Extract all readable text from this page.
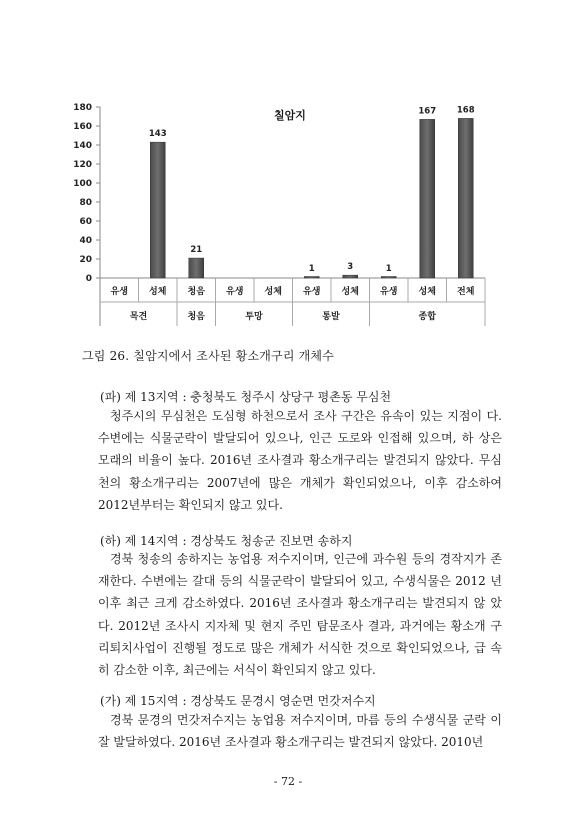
0
20
40
60
80
100
120
140
160
180
목견	청음	투망	통발	종합
유생 성체
143
청음
21
유생 성체 유생
1
성체
3
유생
1
성체
167
전체
168
칠암지
그림 26. 칠암지에서 조사된 황소개구리 개체수
(파) 제 13지역 : 충청북도 청주시 상당구 평촌동 무심천
청주시의 무심천은 도심형 하천으로서 조사 구간은 유속이 있는 지점이 다. 수변에는 식물군락이 발달되어 있으나, 인근 도로와 인접해 있으며, 하 상은 모래의 비율이 높다. 2016년 조사결과 황소개구리는 발견되지 않았다. 무심천의 황소개구리는 2007년에 많은 개체가 확인되었으나, 이후 감소하여 2012년부터는 확인되지 않고 있다.
(하) 제 14지역 : 경상북도 청송군 진보면 송하지
경북 청송의 송하지는 농업용 저수지이며, 인근에 과수원 등의 경작지가 존재한다. 수변에는 갈대 등의 식물군락이 발달되어 있고, 수생식물은 2012 년 이후 최근 크게 감소하였다. 2016년 조사결과 황소개구리는 발견되지 않 았다. 2012년 조사시 지자체 및 현지 주민 탐문조사 결과, 과거에는 황소개 구리퇴치사업이 진행될 정도로 많은 개체가 서식한 것으로 확인되었으나, 급 속히 감소한 이후, 최근에는 서식이 확인되지 않고 있다.
(가) 제 15지역 : 경상북도 문경시 영순면 먼갓저수지
경북 문경의 먼갓저수지는 농업용 저수지이며, 마름 등의 수생식물 군락 이 잘 발달하였다. 2016년 조사결과 황소개구리는 발견되지 않았다. 2010년
- 72 -
